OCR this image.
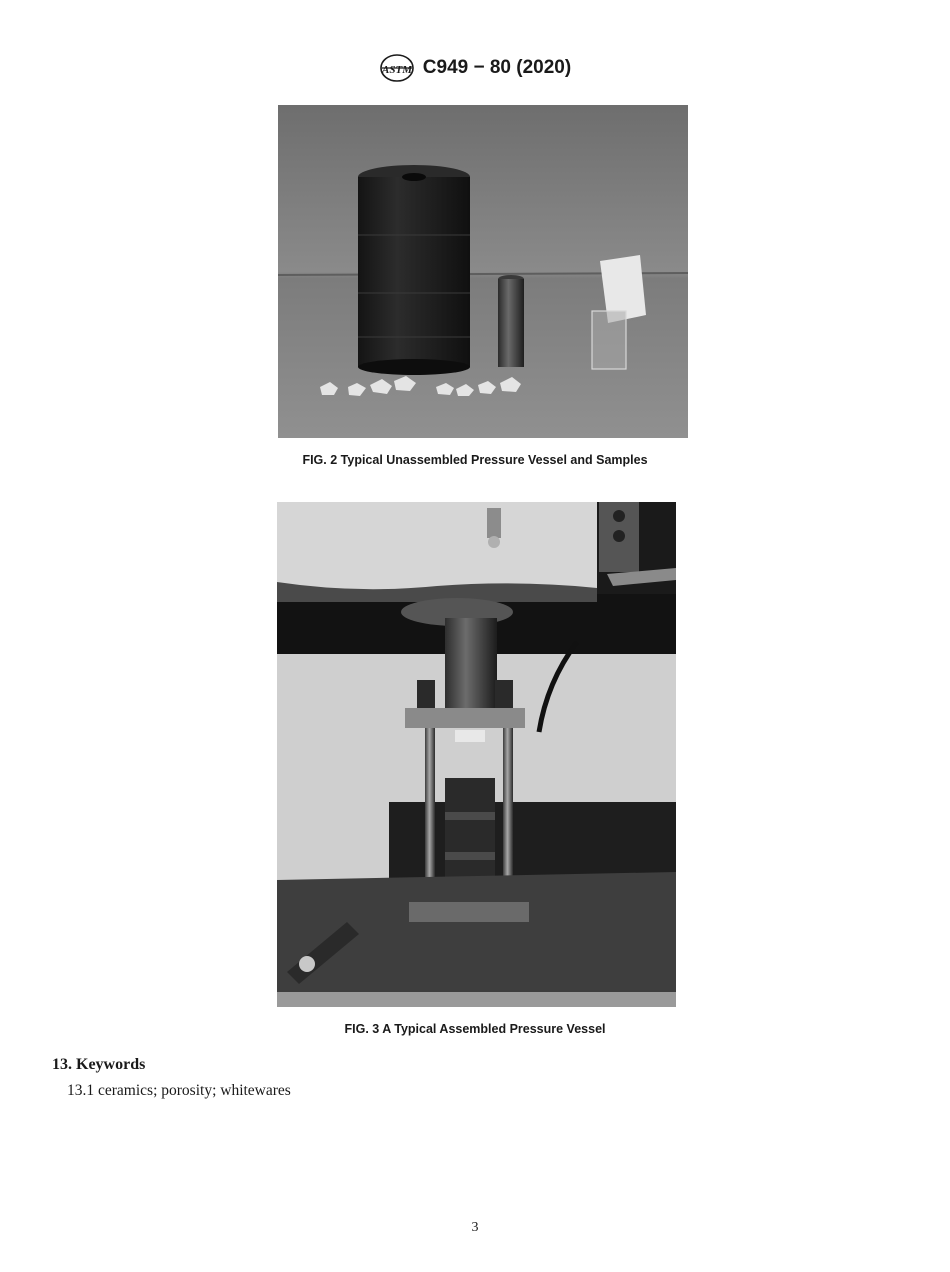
ASTM C949 − 80 (2020)
FIG. 2 Typical Unassembled Pressure Vessel and Samples
FIG. 3 A Typical Assembled Pressure Vessel
13. Keywords
13.1 ceramics; porosity; whitewares
3
